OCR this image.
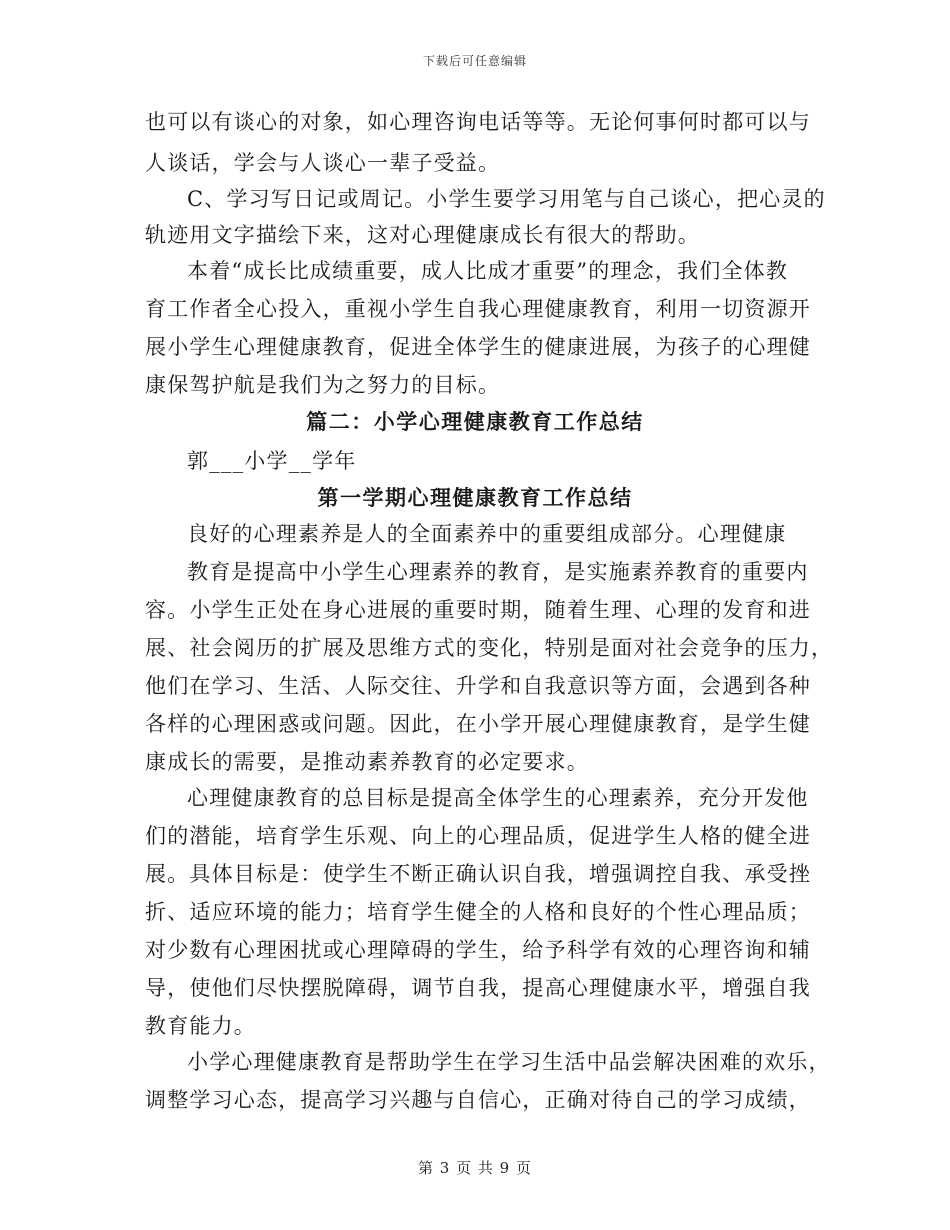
下载后可任意编辑
也可以有谈心的对象，如心理咨询电话等等。无论何事何时都可以与
人谈话，学会与人谈心一辈子受益。
C、学习写日记或周记。小学生要学习用笔与自己谈心，把心灵的
轨迹用文字描绘下来，这对心理健康成长有很大的帮助。
本着“成长比成绩重要，成人比成才重要”的理念，我们全体教
育工作者全心投入，重视小学生自我心理健康教育，利用一切资源开
展小学生心理健康教育，促进全体学生的健康进展，为孩子的心理健
康保驾护航是我们为之努力的目标。
篇二：小学心理健康教育工作总结
郭___小学__学年
第一学期心理健康教育工作总结
良好的心理素养是人的全面素养中的重要组成部分。心理健康
教育是提高中小学生心理素养的教育，是实施素养教育的重要内
容。小学生正处在身心进展的重要时期，随着生理、心理的发育和进
展、社会阅历的扩展及思维方式的变化，特别是面对社会竞争的压力，
他们在学习、生活、人际交往、升学和自我意识等方面，会遇到各种
各样的心理困惑或问题。因此，在小学开展心理健康教育，是学生健
康成长的需要，是推动素养教育的必定要求。
心理健康教育的总目标是提高全体学生的心理素养，充分开发他
们的潜能，培育学生乐观、向上的心理品质，促进学生人格的健全进
展。具体目标是：使学生不断正确认识自我，增强调控自我、承受挫
折、适应环境的能力；培育学生健全的人格和良好的个性心理品质；
对少数有心理困扰或心理障碍的学生，给予科学有效的心理咨询和辅
导，使他们尽快摆脱障碍，调节自我，提高心理健康水平，增强自我
教育能力。
小学心理健康教育是帮助学生在学习生活中品尝解决困难的欢乐，
调整学习心态，提高学习兴趣与自信心，正确对待自己的学习成绩，
第 3 页 共 9 页
